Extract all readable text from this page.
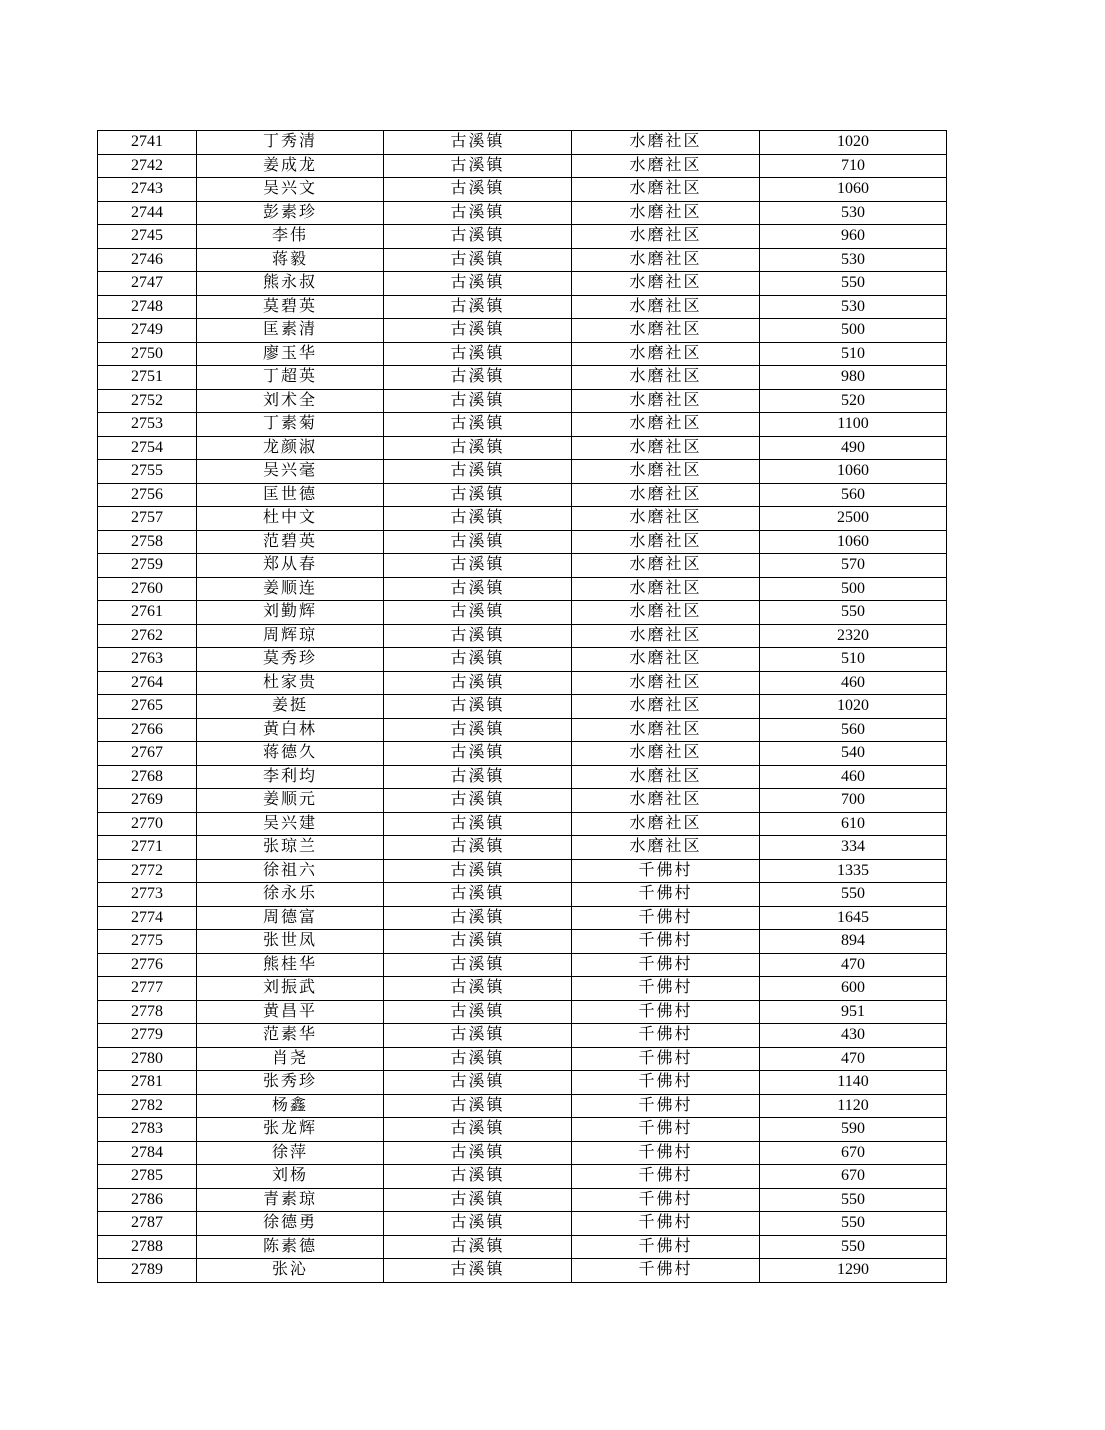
2741	丁秀清	古溪镇	水磨社区	1020
2742	姜成龙	古溪镇	水磨社区	710
2743	吴兴文	古溪镇	水磨社区	1060
2744	彭素珍	古溪镇	水磨社区	530
2745	李伟	古溪镇	水磨社区	960
2746	蒋毅	古溪镇	水磨社区	530
2747	熊永叔	古溪镇	水磨社区	550
2748	莫碧英	古溪镇	水磨社区	530
2749	匡素清	古溪镇	水磨社区	500
2750	廖玉华	古溪镇	水磨社区	510
2751	丁超英	古溪镇	水磨社区	980
2752	刘术全	古溪镇	水磨社区	520
2753	丁素菊	古溪镇	水磨社区	1100
2754	龙颜淑	古溪镇	水磨社区	490
2755	吴兴毫	古溪镇	水磨社区	1060
2756	匡世德	古溪镇	水磨社区	560
2757	杜中文	古溪镇	水磨社区	2500
2758	范碧英	古溪镇	水磨社区	1060
2759	郑从春	古溪镇	水磨社区	570
2760	姜顺连	古溪镇	水磨社区	500
2761	刘勤辉	古溪镇	水磨社区	550
2762	周辉琼	古溪镇	水磨社区	2320
2763	莫秀珍	古溪镇	水磨社区	510
2764	杜家贵	古溪镇	水磨社区	460
2765	姜挺	古溪镇	水磨社区	1020
2766	黄白林	古溪镇	水磨社区	560
2767	蒋德久	古溪镇	水磨社区	540
2768	李利均	古溪镇	水磨社区	460
2769	姜顺元	古溪镇	水磨社区	700
2770	吴兴建	古溪镇	水磨社区	610
2771	张琼兰	古溪镇	水磨社区	334
2772	徐祖六	古溪镇	千佛村	1335
2773	徐永乐	古溪镇	千佛村	550
2774	周德富	古溪镇	千佛村	1645
2775	张世凤	古溪镇	千佛村	894
2776	熊桂华	古溪镇	千佛村	470
2777	刘振武	古溪镇	千佛村	600
2778	黄昌平	古溪镇	千佛村	951
2779	范素华	古溪镇	千佛村	430
2780	肖尧	古溪镇	千佛村	470
2781	张秀珍	古溪镇	千佛村	1140
2782	杨鑫	古溪镇	千佛村	1120
2783	张龙辉	古溪镇	千佛村	590
2784	徐萍	古溪镇	千佛村	670
2785	刘杨	古溪镇	千佛村	670
2786	青素琼	古溪镇	千佛村	550
2787	徐德勇	古溪镇	千佛村	550
2788	陈素德	古溪镇	千佛村	550
2789	张沁	古溪镇	千佛村	1290
